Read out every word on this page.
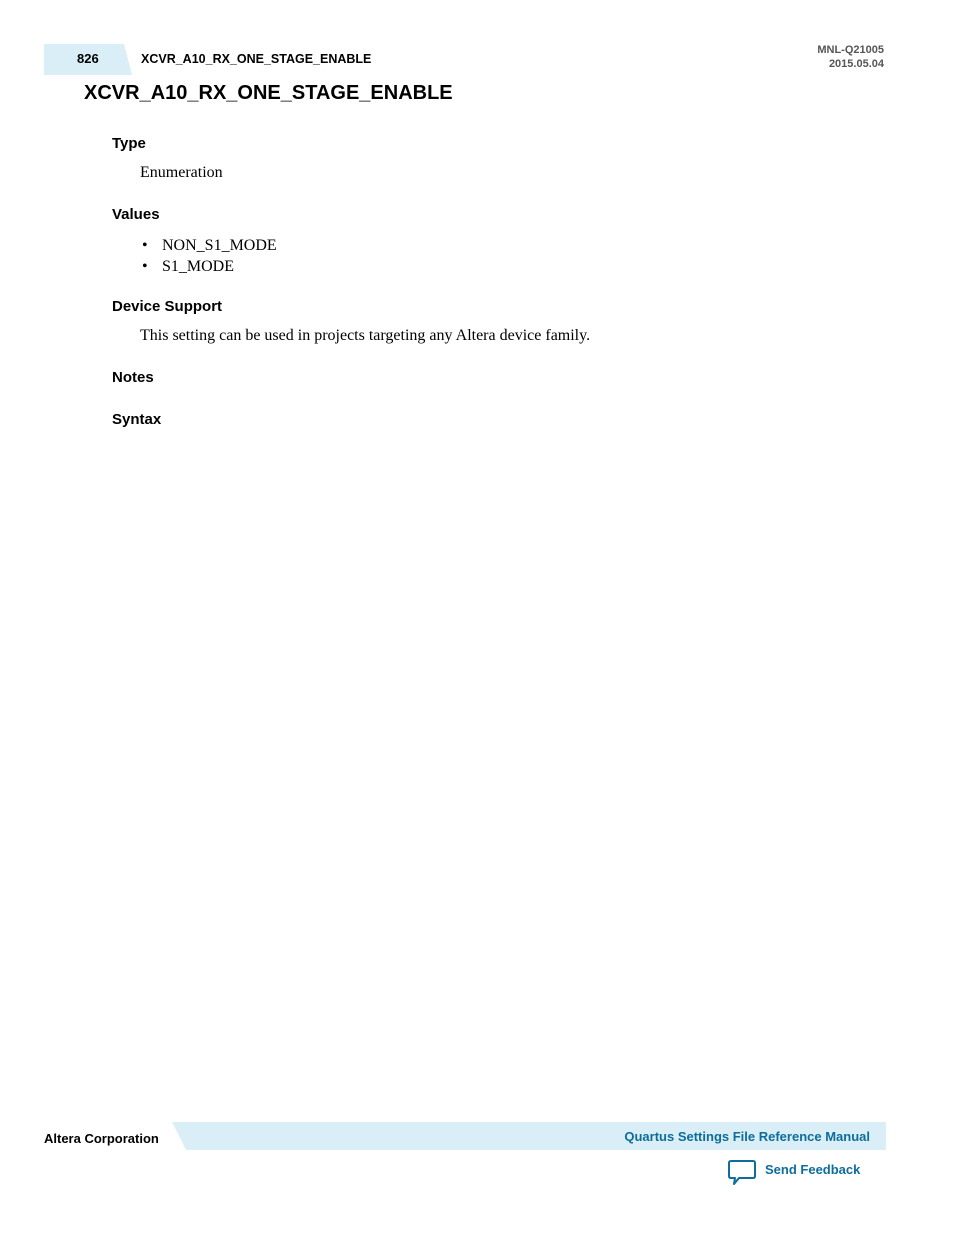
826	XCVR_A10_RX_ONE_STAGE_ENABLE
MNL-Q21005
2015.05.04
XCVR_A10_RX_ONE_STAGE_ENABLE
Type

Enumeration

Values
• NON_S1_MODE
• S1_MODE
Device Support

This setting can be used in projects targeting any Altera device family.

Notes
Syntax
Altera Corporation	Quartus Settings File Reference Manual
Send Feedback
